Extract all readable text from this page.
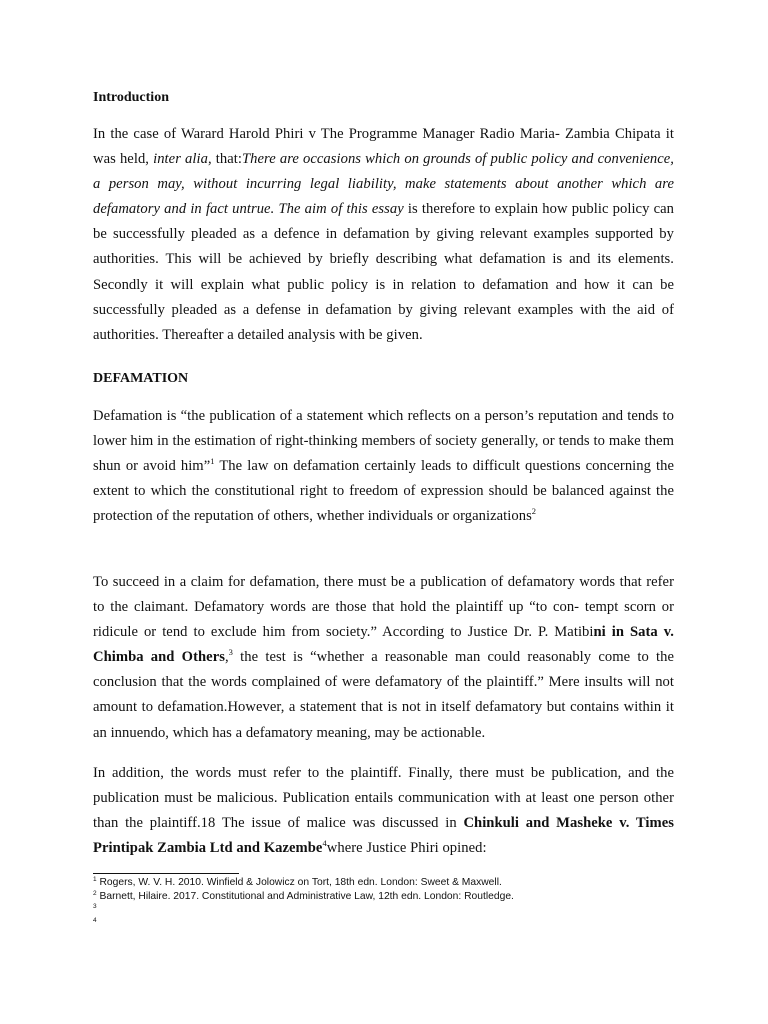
Introduction

In the case of Warard Harold Phiri v The Programme Manager Radio Maria- Zambia Chipata it was held, inter alia, that:There are occasions which on grounds of public policy and convenience, a person may, without incurring legal liability, make statements about another which are defamatory and in fact untrue. The aim of this essay is therefore to explain how public policy can be successfully pleaded as a defence in defamation by giving relevant examples supported by authorities. This will be achieved by briefly describing what defamation is and its elements. Secondly it will explain what public policy is in relation to defamation and how it can be successfully pleaded as a defense in defamation by giving relevant examples with the aid of authorities. Thereafter a detailed analysis with be given.

DEFAMATION

Defamation is “the publication of a statement which reflects on a person’s reputation and tends to lower him in the estimation of right-thinking members of society generally, or tends to make them shun or avoid him”$^1$ The law on defamation certainly leads to difficult questions concerning the extent to which the constitutional right to freedom of expression should be balanced against the protection of the reputation of others, whether individuals or organizations$^2$

To succeed in a claim for defamation, there must be a publication of defamatory words that refer to the claimant. Defamatory words are those that hold the plaintiff up “to con- tempt scorn or ridicule or tend to exclude him from society.” According to Justice Dr. P. Matibini in Sata v. Chimba and Others,$^3$ the test is “whether a reasonable man could reasonably come to the conclusion that the words complained of were defamatory of the plaintiff.” Mere insults will not amount to defamation.However, a statement that is not in itself defamatory but contains within it an innuendo, which has a defamatory meaning, may be actionable.

In addition, the words must refer to the plaintiff. Finally, there must be publication, and the publication must be malicious. Publication entails communication with at least one person other than the plaintiff.18 The issue of malice was discussed in Chinkuli and Masheke v. Times Printipak Zambia Ltd and Kazembe$^4$where Justice Phiri opined:

$^1$ Rogers, W. V. H. 2010. Winfield & Jolowicz on Tort, 18th edn. London: Sweet & Maxwell.
$^2$ Barnett, Hilaire. 2017. Constitutional and Administrative Law, 12th edn. London: Routledge.
$^3$
$^4$
